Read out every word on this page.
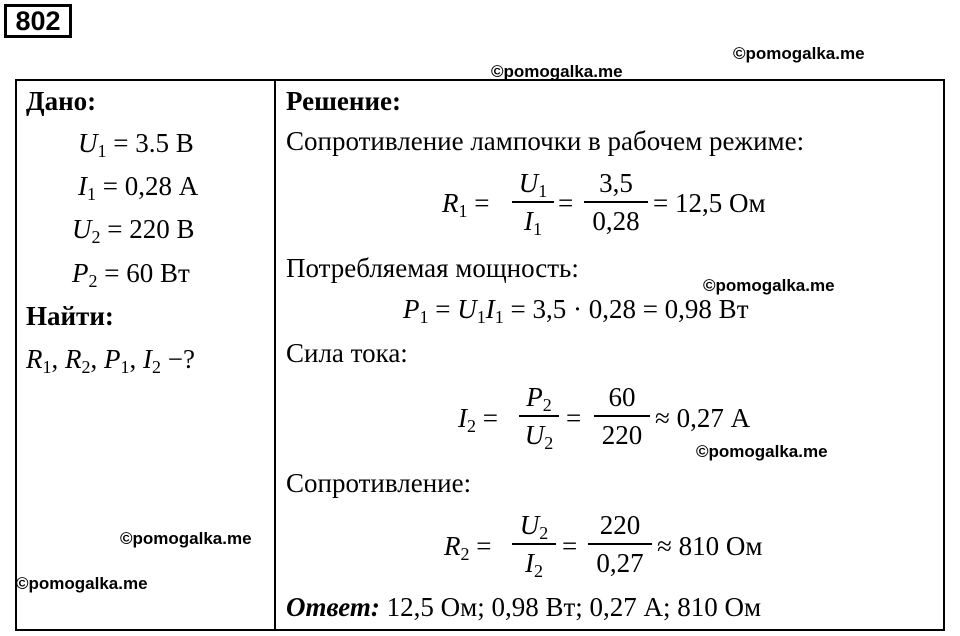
802
©pomogalka.me
©pomogalka.me
©pomogalka.me
©pomogalka.me
©pomogalka.me
©pomogalka.me
Дано:
$U_1 = 3.5$ В
$I_1 = 0,28$ А
$U_2 = 220$ В
$P_2 = 60$ Вт
Найти:
$R_1$, $R_2$, $P_1$, $I_2$ −?
Решение:
Сопротивление лампочки в рабочем режиме:
$R_1$ =
$U_1$
$I_1$
=
3,5
0,28
= 12,5 Ом
Потребляемая мощность:
$P_1 = U_1I_1 = 3,5 \cdot 0,28 = 0,98$ Вт
Сила тока:
$I_2$ =
$P_2$
$U_2$
=
60
220
≈ 0,27 А
Сопротивление:
$R_2$ =
$U_2$
$I_2$
=
220
0,27
≈ 810 Ом
Ответ: 12,5 Ом; 0,98 Вт; 0,27 А; 810 Ом
